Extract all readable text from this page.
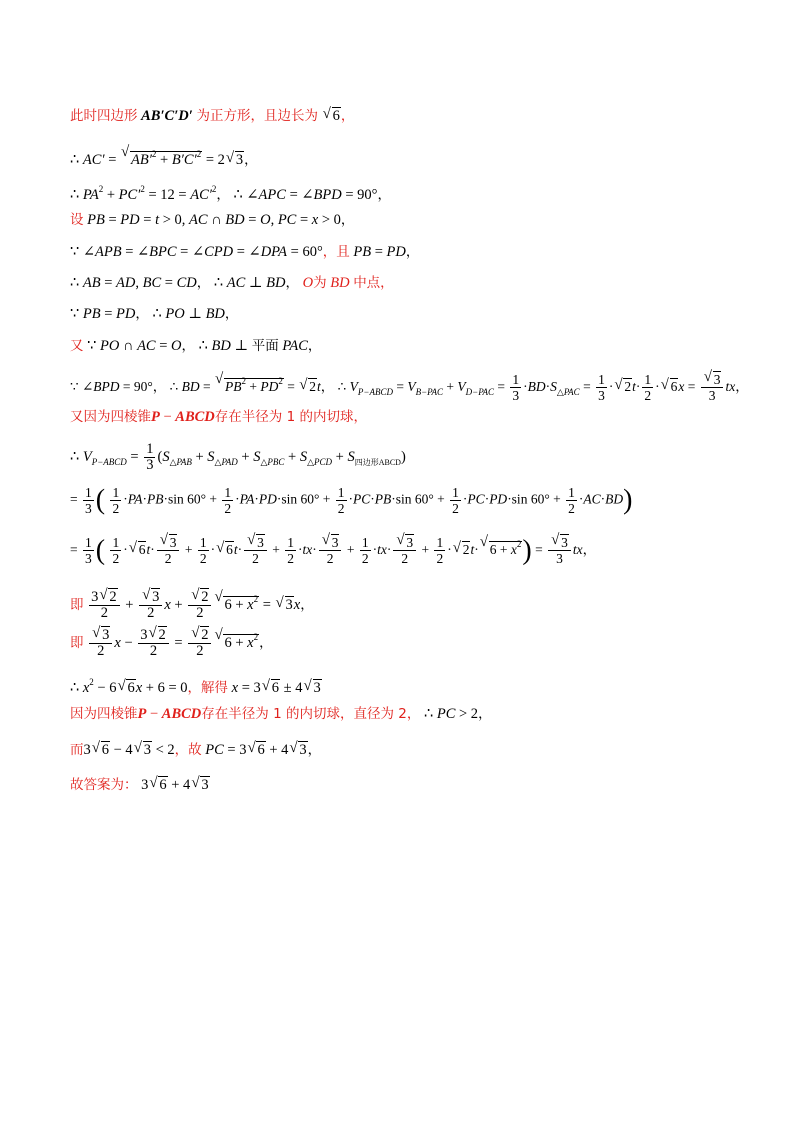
此时四边形 AB′C′D′ 为正方形，且边长为 √ 6，
∴ AC′ = √ $AB'^2 + B'C'^2 = 2√$ 3，
∴ $PA^2 + PC'^2 = 12 = AC'^2$， ∴ ∠APC = ∠BPD = 90°，
设 PB = PD = t > 0, AC ∩ BD = O, PC = x > 0，
∵ ∠APB = ∠BPC = ∠CPD = ∠DPA = 60°，且 PB = PD，
∴ AB = AD, BC = CD， ∴ AC ⊥ BD， O为 BD 中点，
∵ PB = PD， ∴ PO ⊥ BD，
又 ∵ PO ∩ AC = O， ∴ BD ⊥ 平面 PAC，
∵ ∠BPD = 90°， ∴ BD = √ $PB^2 + PD^2$ = √ 2t， ∴ $V_{P-ABCD} = V_{B-PAC} + V_{D-PAC} = \frac{1}{3} \cdot BD\cdot S_{\triangle PAC} = \frac{1}{3}$ ·√ $2t\cdot \frac{1}{2}$ ·√ 6x =
√ $\frac{3}{3}$ tx，
又因为四棱锥P − ABCD存在半径为 1 的内切球，
∴ $V_{P-ABCD} = \frac{1}{3} (S_{\triangle PAB} + S_{\triangle PAD} + S_{\triangle PBC} + S_{\triangle PCD} + S_{四边形ABCD})$
= $\frac{1}{3}$ ( $\frac{1}{2} \cdot PA\cdot PB\cdot\sin$ $60^\circ + \frac{1}{2} \cdot PA\cdot PD\cdot\sin$ $60^\circ + \frac{1}{2} \cdot PC\cdot PB\cdot\sin$ $60^\circ + \frac{1}{2} \cdot PC\cdot PD\cdot\sin$ $60^\circ + \frac{1}{2} \cdot AC\cdot BD$)
= $\frac{1}{3}$ ( $\frac{1}{2}$ ·√ 6t·
√ $\frac{3}{2} + \frac{1}{2}$ ·√ 6t·
√ $\frac{3}{2} + \frac{1}{2} \cdot tx\cdot$
√ $\frac{3}{2} + \frac{1}{2} \cdot tx\cdot$
√ $\frac{3}{2} + \frac{1}{2}$ ·√ 2t·√ $6 + x^2$) =
√ $\frac{3}{3}$ tx，
即 $\frac{3√ 2}{2}$ +
√ $\frac{3}{2}$ x +
√ $\frac{2}{2}$
√ $6 + x^2$ = √ 3x，
即
√ $\frac{3}{2}$ $x - \frac{3√ 2}{2}$ =
√ $\frac{2}{2}$
√ $6 + x^2$，
∴ $x^2 - 6√$ 6x + 6 = 0，解得 x = 3√ 6 ± 4√ 3
因为四棱锥P − ABCD存在半径为 1 的内切球，直径为 2， ∴ PC > 2，
而3√ 6 − 4√ 3 < 2，故 PC = 3√ 6 + 4√ 3，
故答案为： 3√ 6 + 4√ 3
